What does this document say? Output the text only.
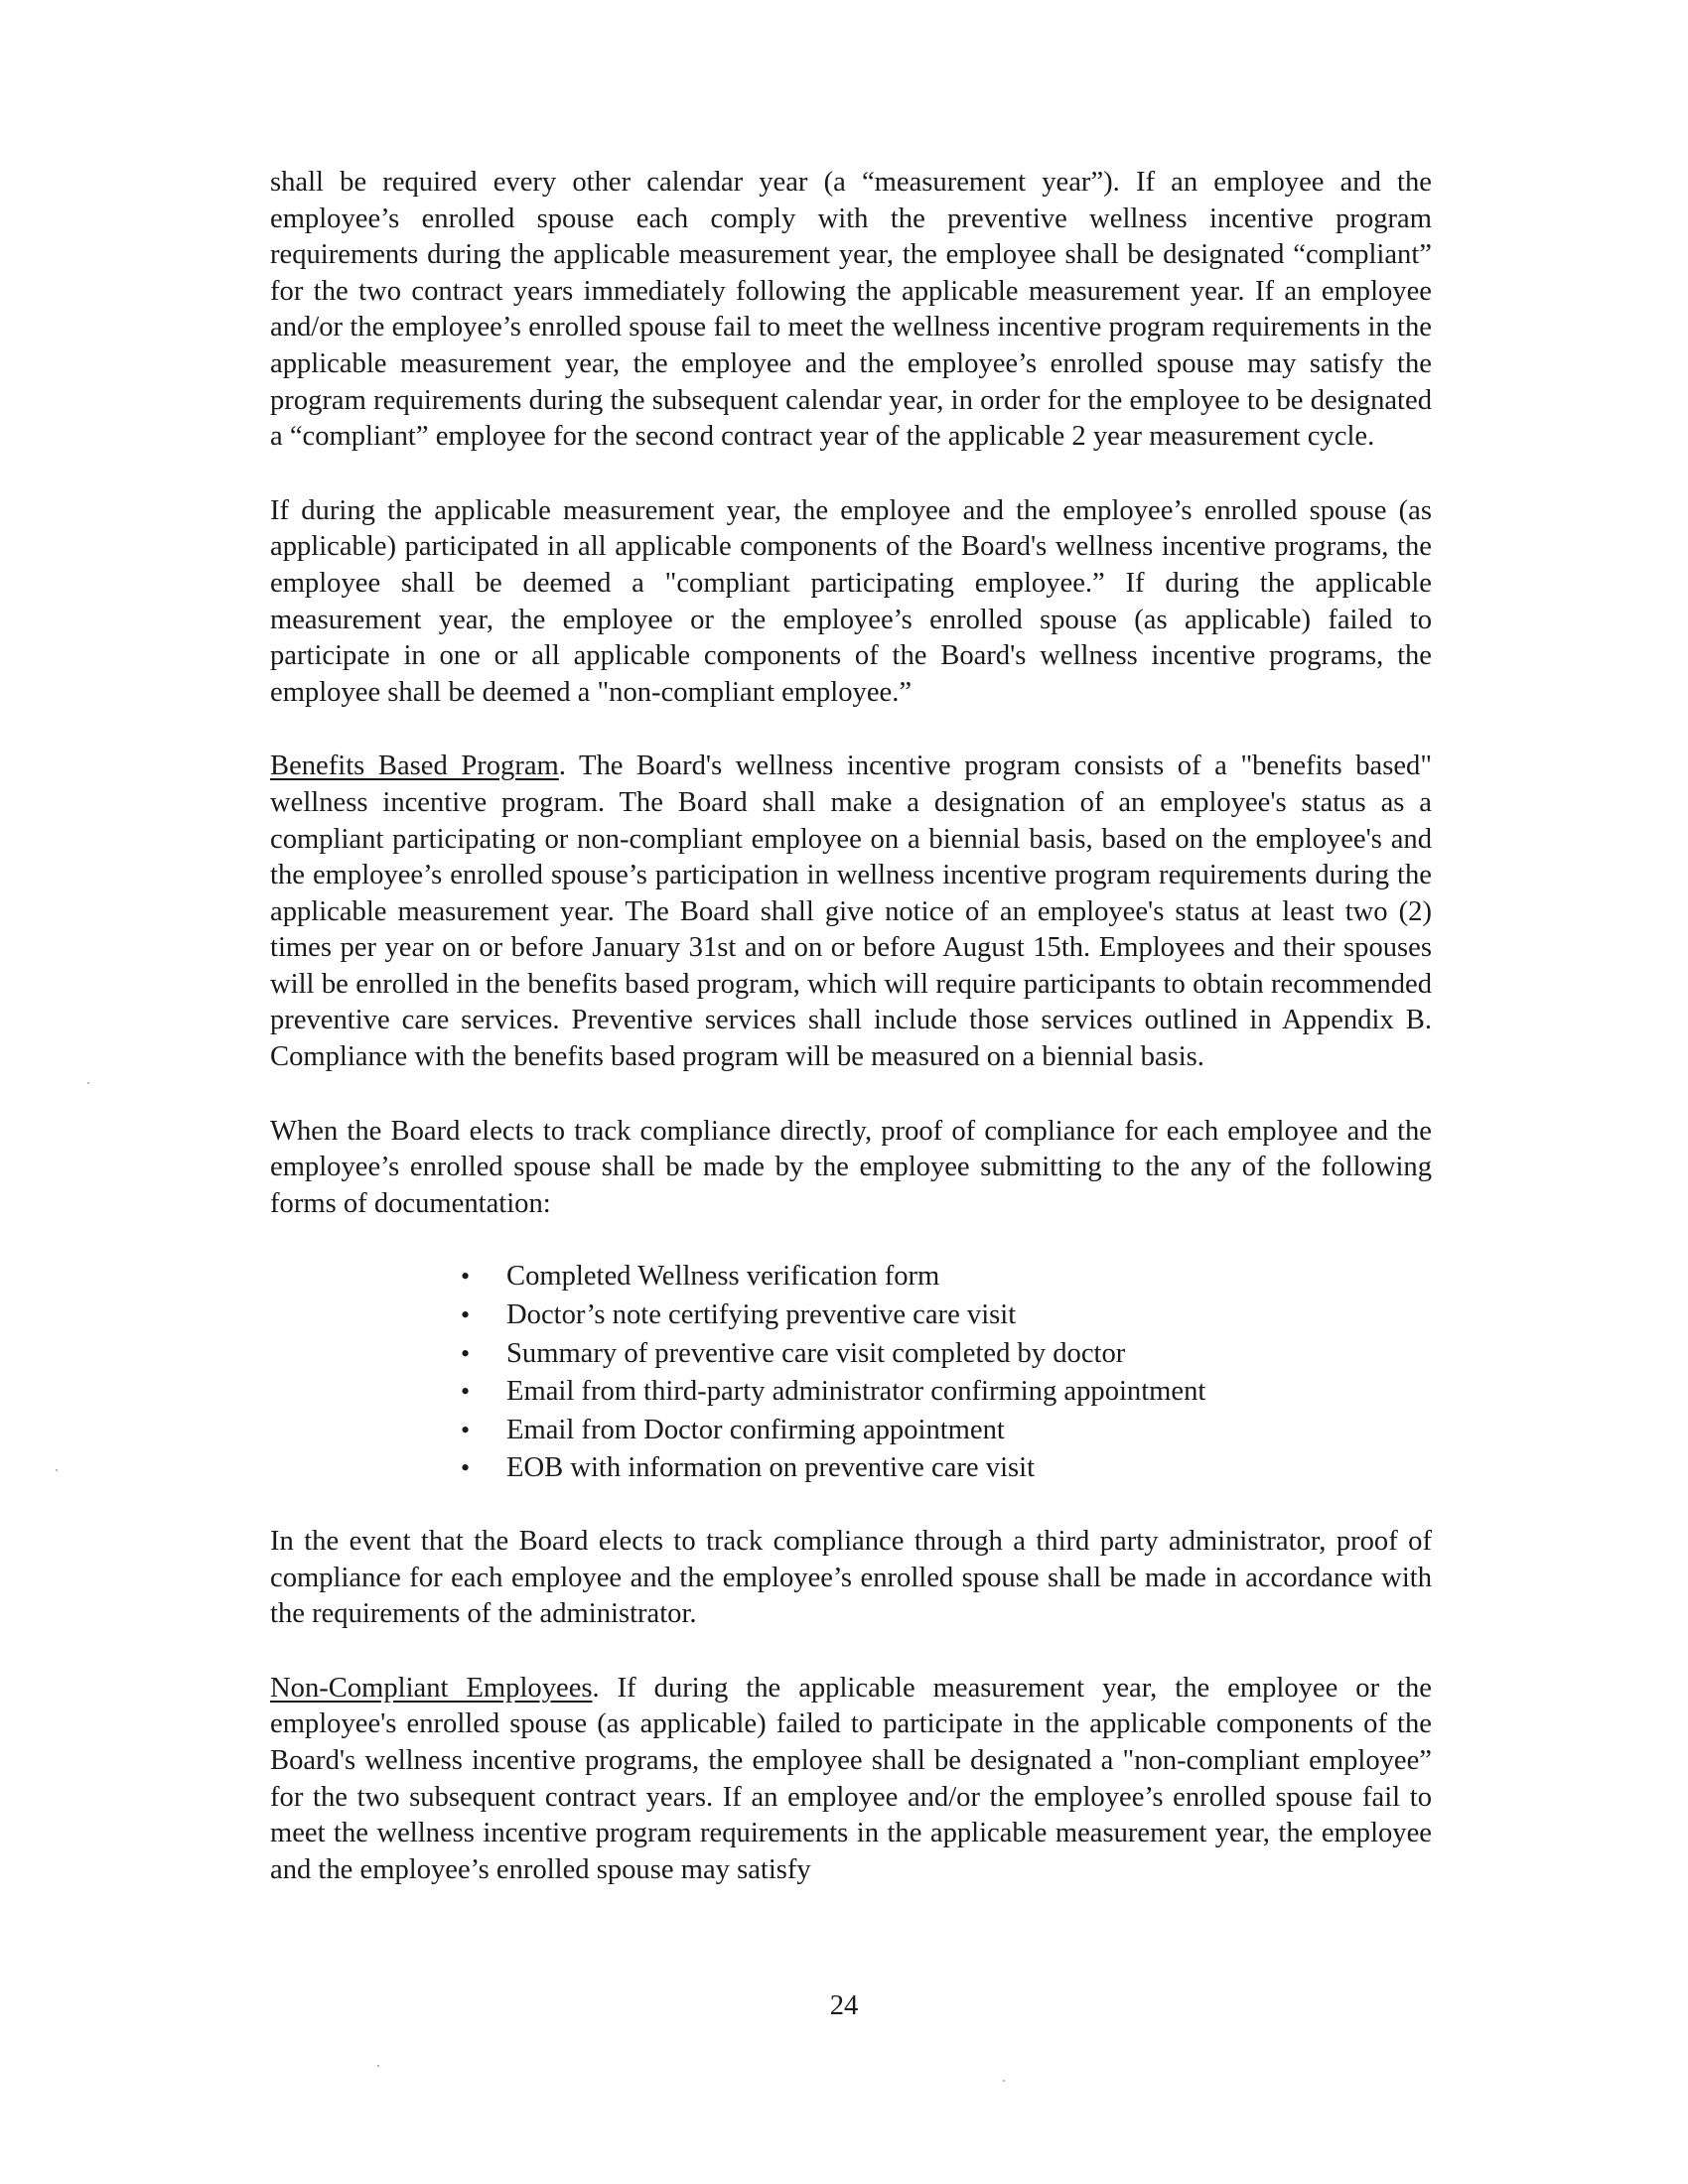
shall be required every other calendar year (a “measurement year”). If an employee and the employee’s enrolled spouse each comply with the preventive wellness incentive program requirements during the applicable measurement year, the employee shall be designated “compliant” for the two contract years immediately following the applicable measurement year. If an employee and/or the employee’s enrolled spouse fail to meet the wellness incentive program requirements in the applicable measurement year, the employee and the employee’s enrolled spouse may satisfy the program requirements during the subsequent calendar year, in order for the employee to be designated a “compliant” employee for the second contract year of the applicable 2 year measurement cycle.

If during the applicable measurement year, the employee and the employee’s enrolled spouse (as applicable) participated in all applicable components of the Board's wellness incentive programs, the employee shall be deemed a "compliant participating employee.” If during the applicable measurement year, the employee or the employee’s enrolled spouse (as applicable) failed to participate in one or all applicable components of the Board's wellness incentive programs, the employee shall be deemed a "non-compliant employee.”

Benefits Based Program. The Board's wellness incentive program consists of a "benefits based" wellness incentive program. The Board shall make a designation of an employee's status as a compliant participating or non-compliant employee on a biennial basis, based on the employee's and the employee’s enrolled spouse’s participation in wellness incentive program requirements during the applicable measurement year. The Board shall give notice of an employee's status at least two (2) times per year on or before January 31st and on or before August 15th. Employees and their spouses will be enrolled in the benefits based program, which will require participants to obtain recommended preventive care services. Preventive services shall include those services outlined in Appendix B. Compliance with the benefits based program will be measured on a biennial basis.

When the Board elects to track compliance directly, proof of compliance for each employee and the employee’s enrolled spouse shall be made by the employee submitting to the any of the following forms of documentation:

• Completed Wellness verification form
• Doctor’s note certifying preventive care visit
• Summary of preventive care visit completed by doctor
• Email from third-party administrator confirming appointment
• Email from Doctor confirming appointment
• EOB with information on preventive care visit

In the event that the Board elects to track compliance through a third party administrator, proof of compliance for each employee and the employee’s enrolled spouse shall be made in accordance with the requirements of the administrator.

Non-Compliant Employees. If during the applicable measurement year, the employee or the employee's enrolled spouse (as applicable) failed to participate in the applicable components of the Board's wellness incentive programs, the employee shall be designated a "non-compliant employee” for the two subsequent contract years. If an employee and/or the employee’s enrolled spouse fail to meet the wellness incentive program requirements in the applicable measurement year, the employee and the employee’s enrolled spouse may satisfy

24
